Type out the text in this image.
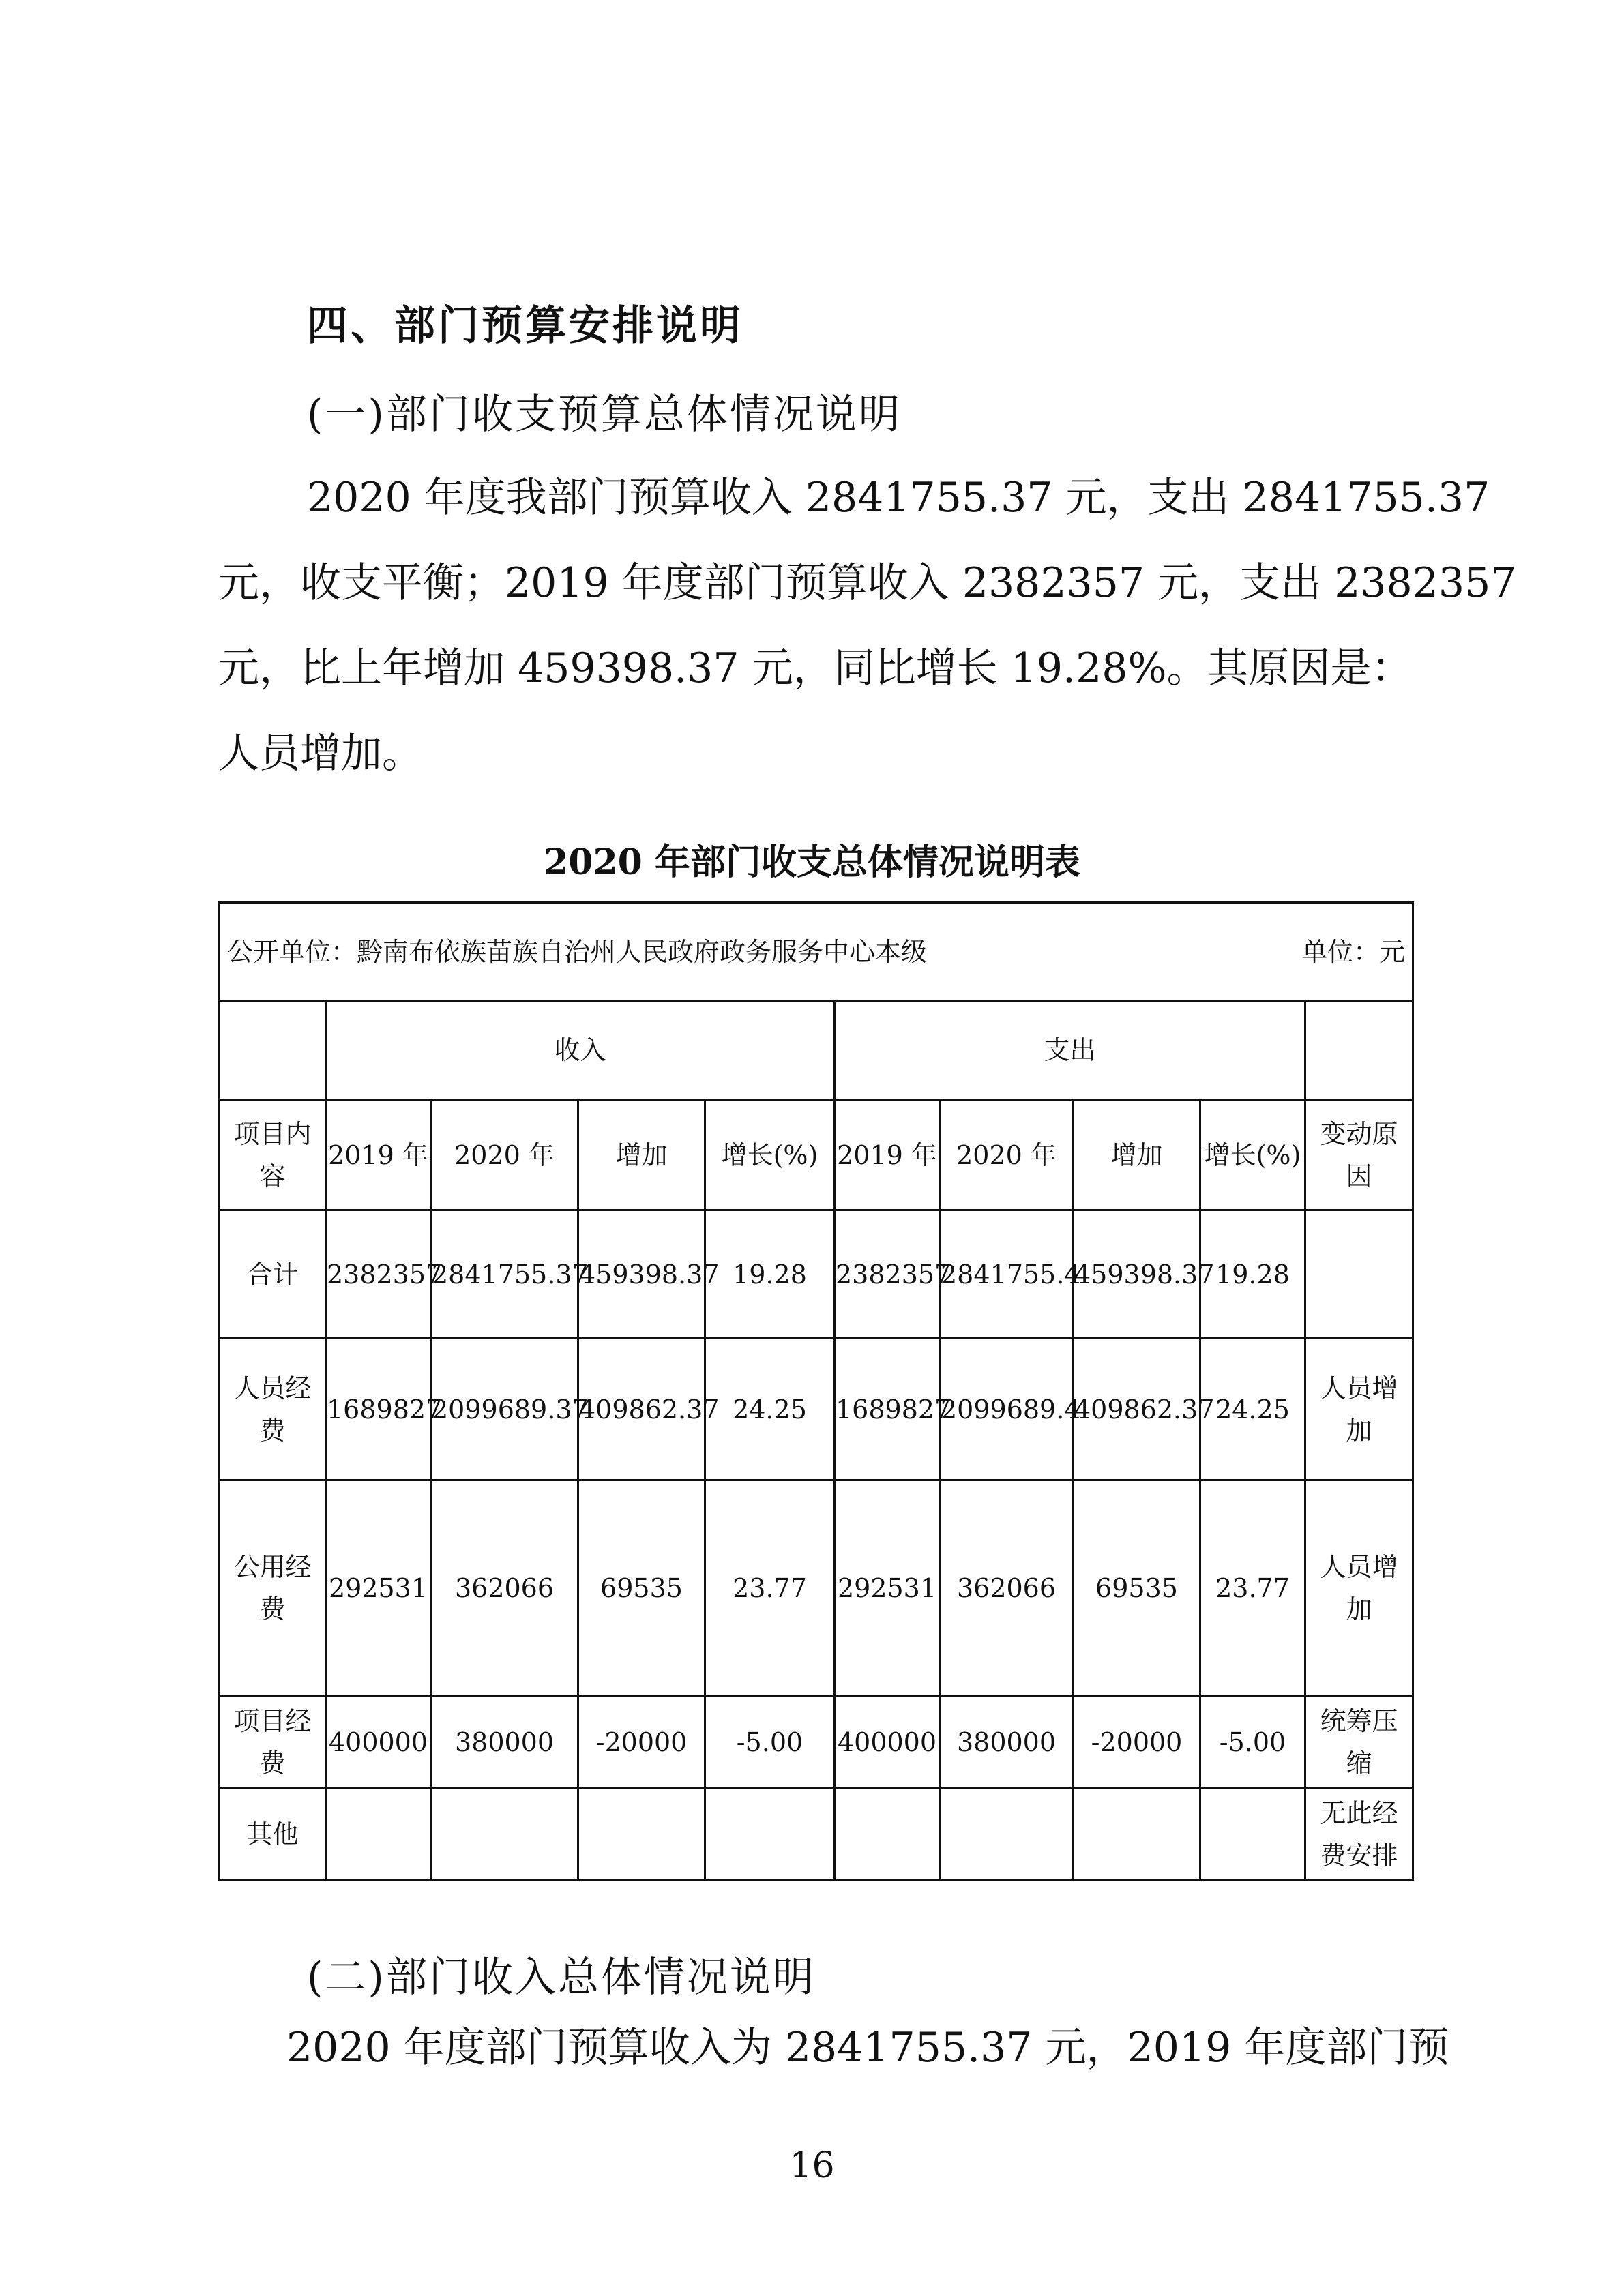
四、部门预算安排说明
(一)部门收支预算总体情况说明
2020 年度我部门预算收入 2841755.37 元，支出 2841755.37
元，收支平衡；2019 年度部门预算收入 2382357 元，支出 2382357
元，比上年增加 459398.37 元，同比增长 19.28%。其原因是：
人员增加。
2020 年部门收支总体情况说明表
公开单位：黔南布依族苗族自治州人民政府政务服务中心本级 单位：元									

	收入				支出				
项目内容	2019 年	2020 年	增加	增长(%)	2019 年	2020 年	增加	增长(%)	变动原因
合计	2382357	2841755.37	459398.37	19.28	2382357	2841755.4	459398.37	19.28	
人员经费	1689827	2099689.37	409862.37	24.25	1689827	2099689.4	409862.37	24.25	人员增加
公用经费	292531	362066	69535	23.77	292531	362066	69535	23.77	人员增加
项目经费	400000	380000	-20000	-5.00	400000	380000	-20000	-5.00	统筹压缩
其他									无此经费安排
(二)部门收入总体情况说明
2020 年度部门预算收入为 2841755.37 元，2019 年度部门预
16
